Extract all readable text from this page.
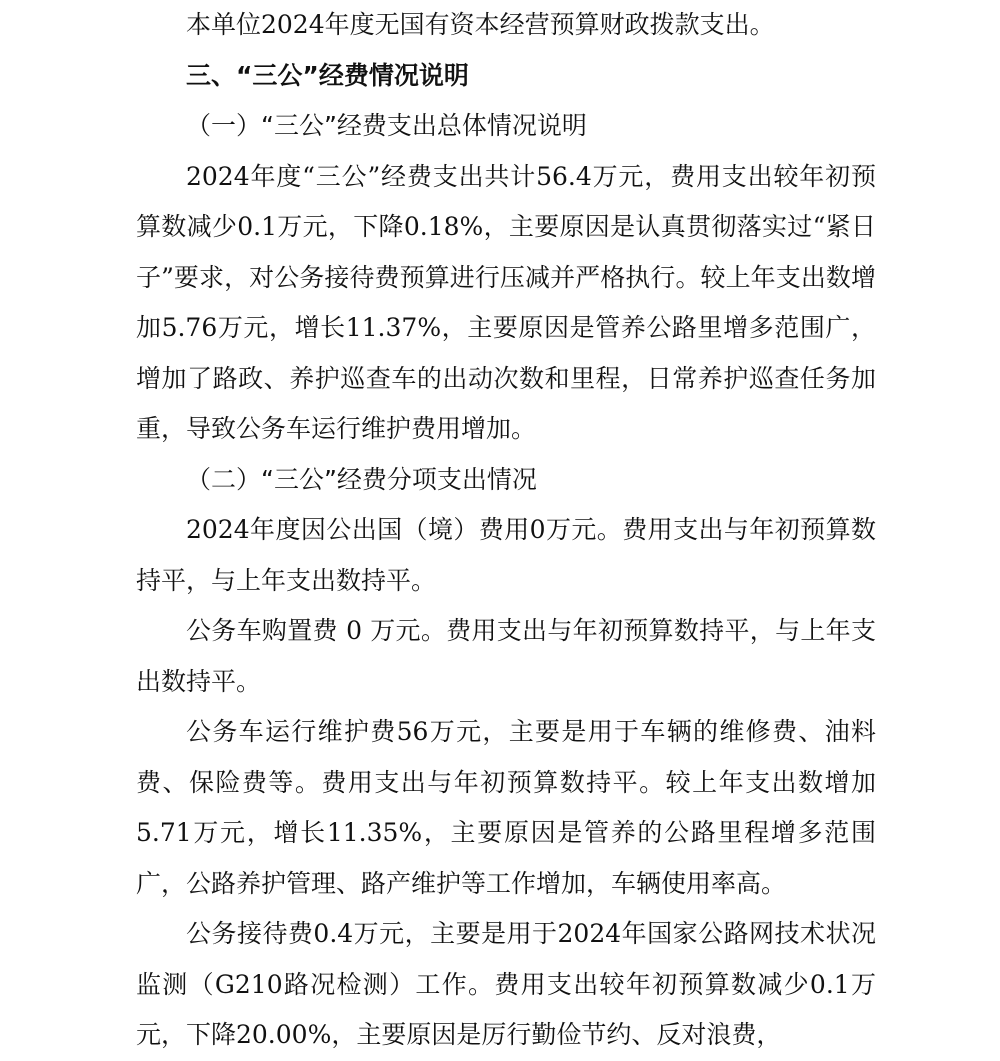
本单位2024年度无国有资本经营预算财政拨款支出。

三、“三公”经费情况说明

（一）“三公”经费支出总体情况说明

2024年度“三公”经费支出共计56.4万元，费用支出较年初预算数减少0.1万元，下降0.18%，主要原因是认真贯彻落实过“紧日子”要求，对公务接待费预算进行压减并严格执行。较上年支出数增加5.76万元，增长11.37%，主要原因是管养公路里增多范围广，增加了路政、养护巡查车的出动次数和里程，日常养护巡查任务加重，导致公务车运行维护费用增加。

（二）“三公”经费分项支出情况

2024年度因公出国（境）费用0万元。费用支出与年初预算数持平，与上年支出数持平。

公务车购置费 0 万元。费用支出与年初预算数持平，与上年支出数持平。

公务车运行维护费56万元，主要是用于车辆的维修费、油料费、保险费等。费用支出与年初预算数持平。较上年支出数增加5.71万元，增长11.35%，主要原因是管养的公路里程增多范围广，公路养护管理、路产维护等工作增加，车辆使用率高。

公务接待费0.4万元，主要是用于2024年国家公路网技术状况监测（G210路况检测）工作。费用支出较年初预算数减少0.1万元，下降20.00%，主要原因是厉行勤俭节约、反对浪费，
